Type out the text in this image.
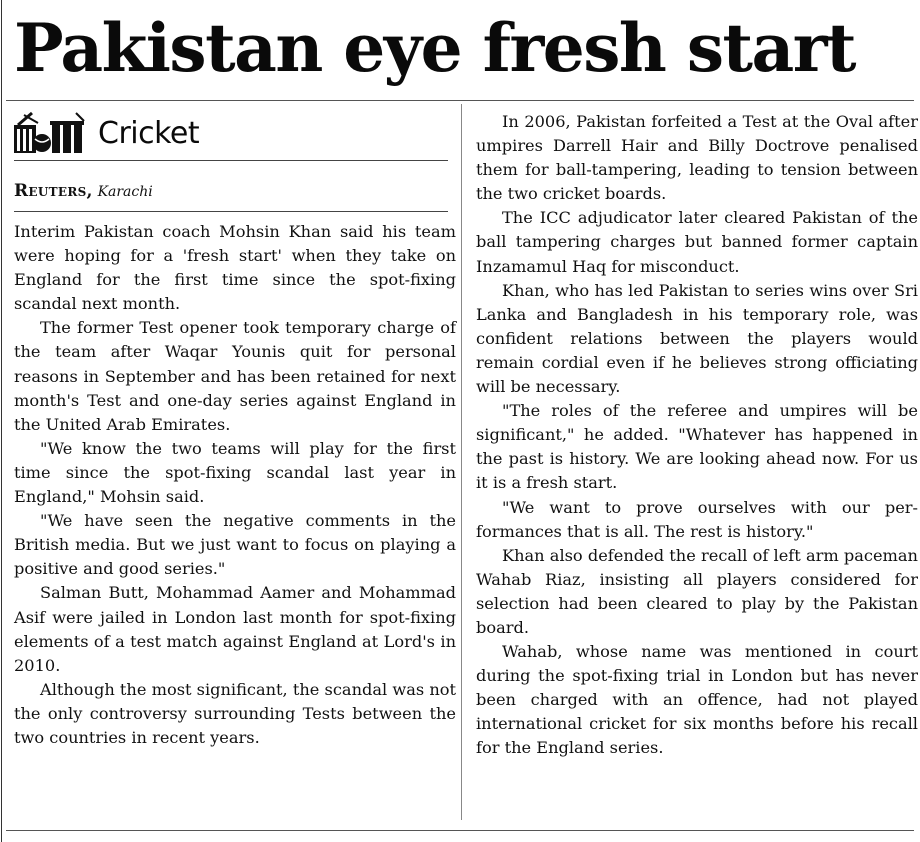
Pakistan eye fresh start
Cricket
Reuters, Karachi

Interim Pakistan coach Mohsin Khan said his team were hoping for a 'fresh start' when they take on England for the first time since the spot-fixing scandal next month.

The former Test opener took temporary charge of the team after Waqar Younis quit for personal reasons in September and has been retained for next month's Test and one-day series against England in the United Arab Emirates.

"We know the two teams will play for the first time since the spot-fixing scandal last year in England," Mohsin said.

"We have seen the negative comments in the British media. But we just want to focus on playing a positive and good series."

Salman Butt, Mohammad Aamer and Mohammad Asif were jailed in London last month for spot-fixing elements of a test match against England at Lord's in 2010.

Although the most significant, the scandal was not the only controversy surrounding Tests between the two countries in recent years.

In 2006, Pakistan forfeited a Test at the Oval after umpires Darrell Hair and Billy Doctrove penalised them for ball-tampering, leading to tension between the two cricket boards.

The ICC adjudicator later cleared Pakistan of the ball tampering charges but banned former captain Inzamamul Haq for misconduct.

Khan, who has led Pakistan to series wins over Sri Lanka and Bangladesh in his temporary role, was confident relations between the players would remain cordial even if he believes strong officiating will be necessary.

"The roles of the referee and umpires will be significant," he added. "Whatever has happened in the past is history. We are looking ahead now. For us it is a fresh start.

"We want to prove ourselves with our performances that is all. The rest is history."

Khan also defended the recall of left arm paceman Wahab Riaz, insisting all players considered for selection had been cleared to play by the Pakistan board.

Wahab, whose name was mentioned in court during the spot-fixing trial in London but has never been charged with an offence, had not played international cricket for six months before his recall for the England series.
